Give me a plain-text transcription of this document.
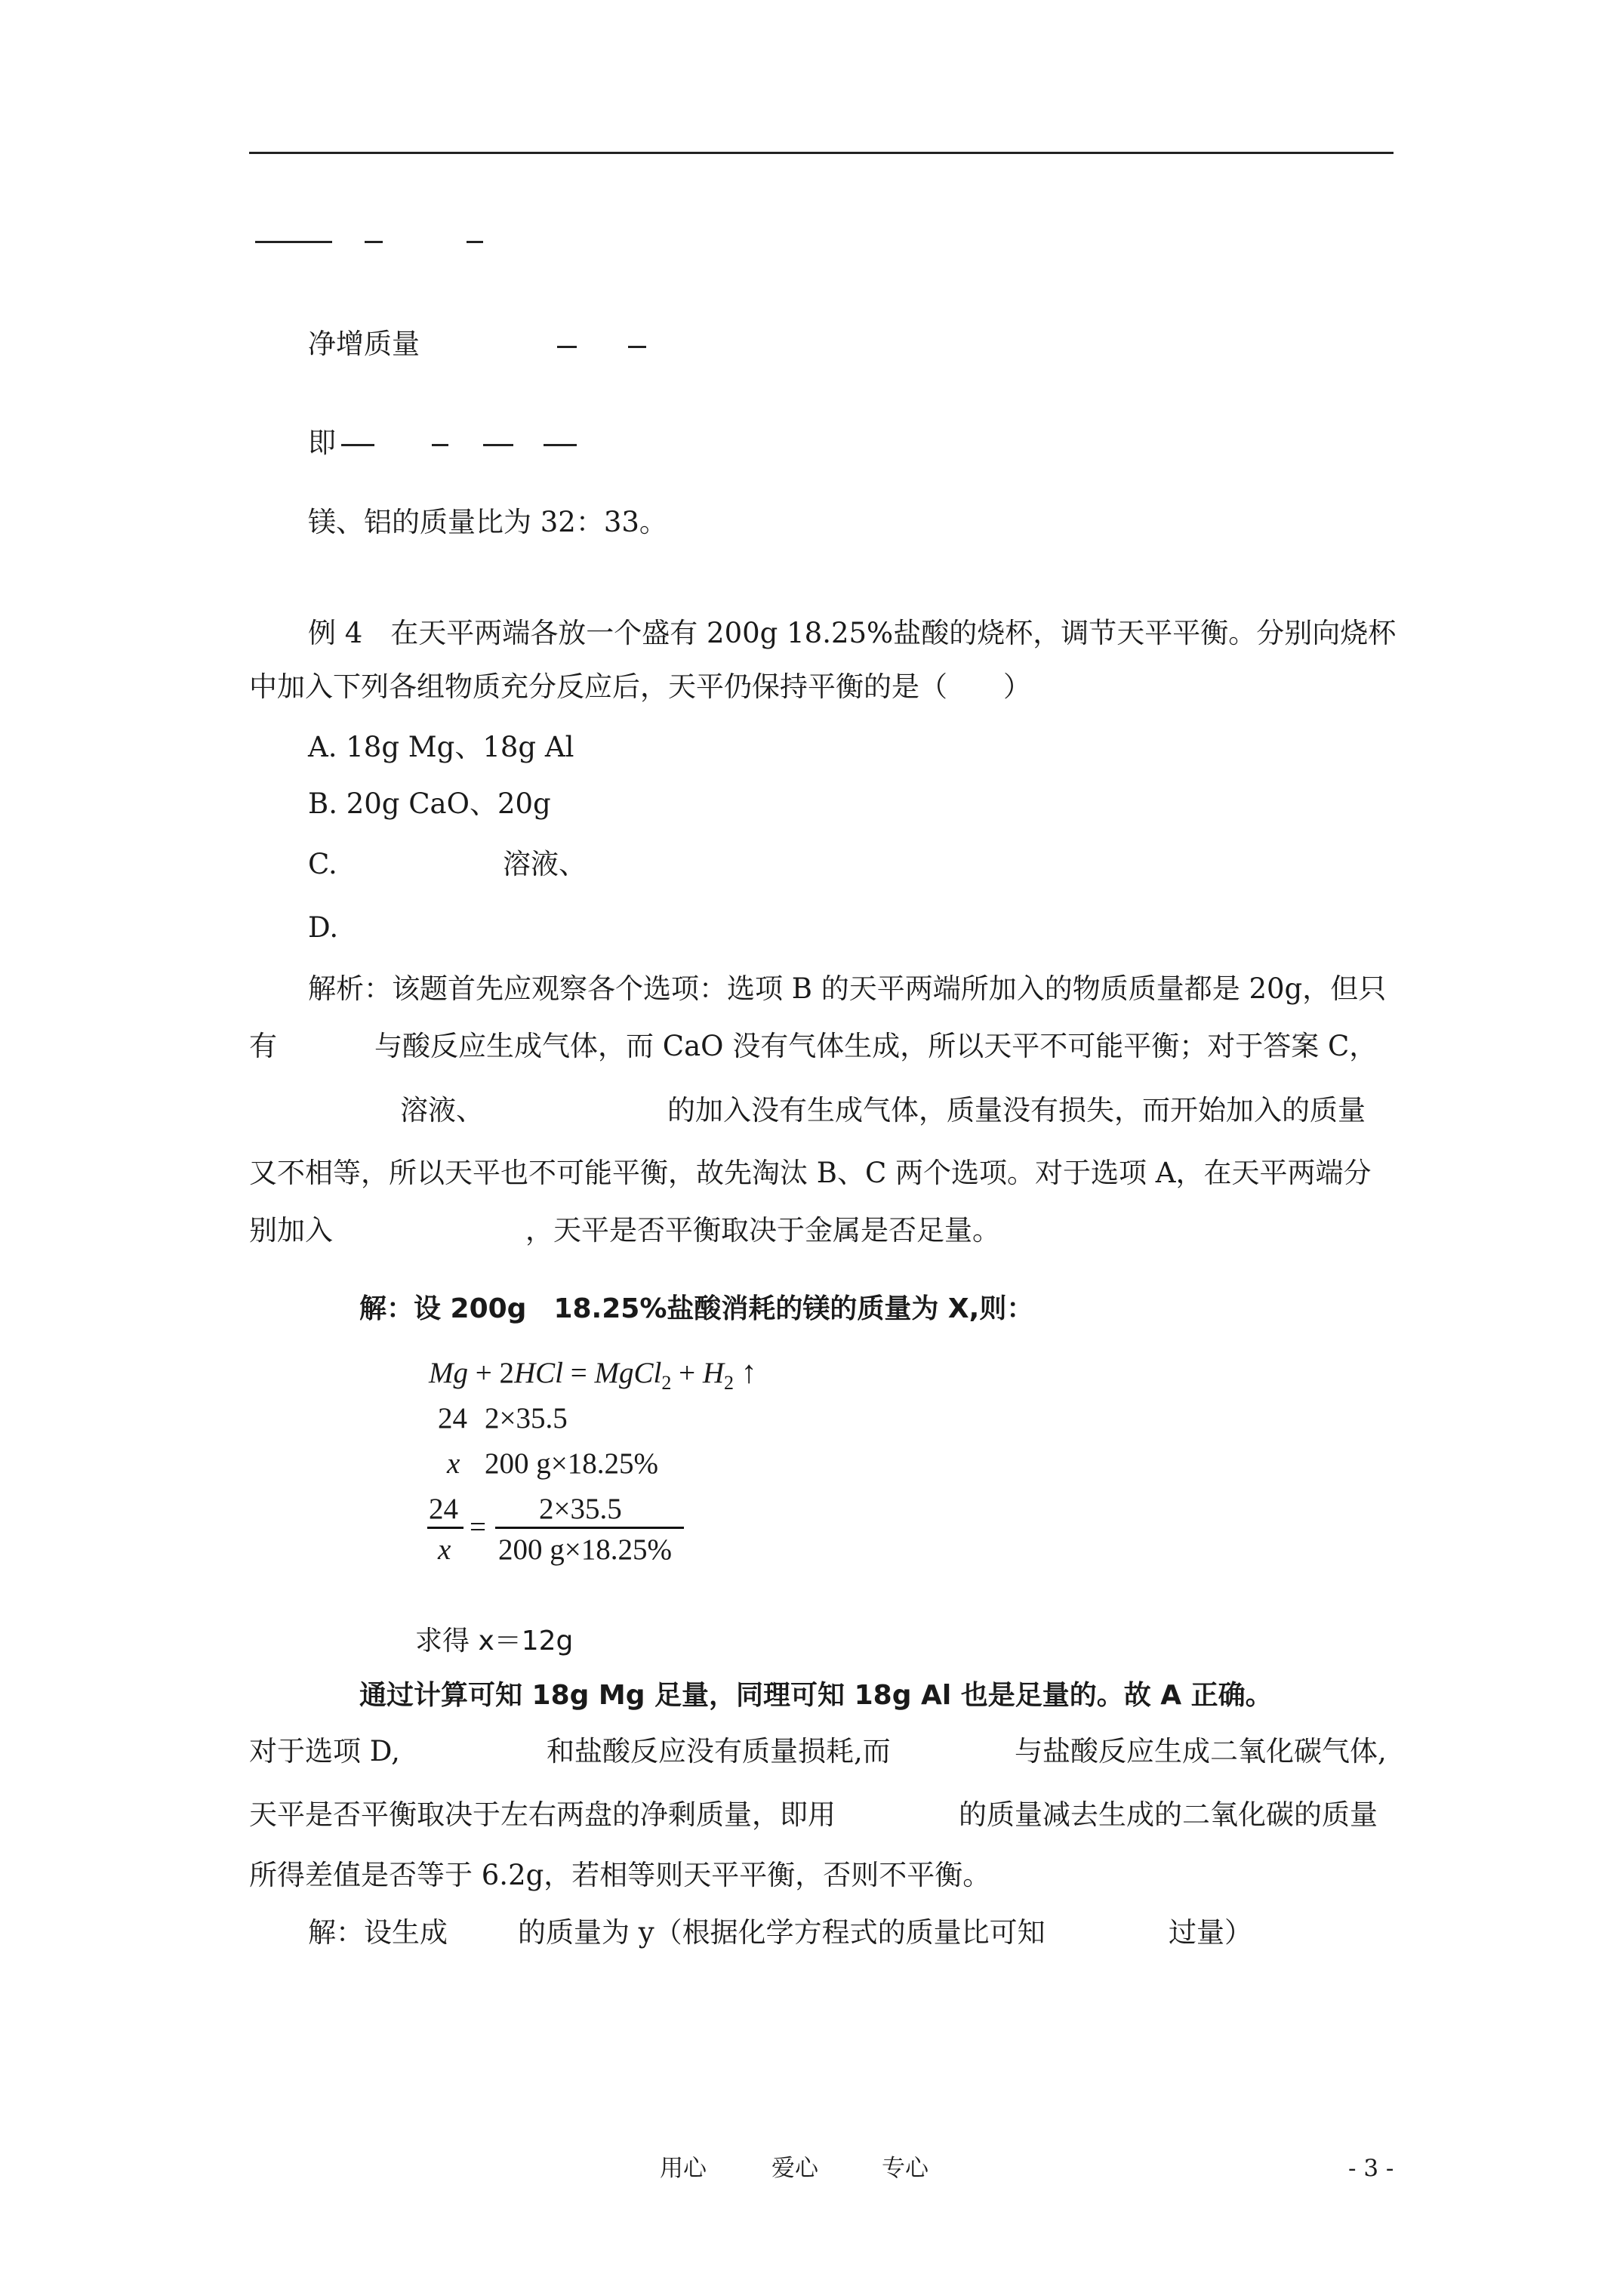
净增质量
即
镁、铝的质量比为 32：33。
例 4　在天平两端各放一个盛有 200g 18.25%盐酸的烧杯，调节天平平衡。分别向烧杯
中加入下列各组物质充分反应后，天平仍保持平衡的是（　　）
A. 18g Mg、18g Al
B. 20g CaO、20g
C.	溶液、
D.
解析：该题首先应观察各个选项：选项 B 的天平两端所加入的物质质量都是 20g，但只
有	与酸反应生成气体，而 CaO 没有气体生成，所以天平不可能平衡；对于答案 C，
溶液、	的加入没有生成气体，质量没有损失，而开始加入的质量
又不相等，所以天平也不可能平衡，故先淘汰 B、C 两个选项。对于选项 A，在天平两端分
别加入	，天平是否平衡取决于金属是否足量。
解：设 200g　18.25%盐酸消耗的镁的质量为 X,则：
Mg + 2HCl = MgCl$_2$ + $H_2$ ↑
24 2×35.5
x 200 g×18.25%
24
x
=
2×35.5
200 g×18.25%
求得 x＝12g
通过计算可知 18g Mg 足量，同理可知 18g Al 也是足量的。故 A 正确。
对于选项 D,	和盐酸反应没有质量损耗,而	与盐酸反应生成二氧化碳气体,
天平是否平衡取决于左右两盘的净剩质量，即用	的质量减去生成的二氧化碳的质量
所得差值是否等于 6.2g，若相等则天平平衡，否则不平衡。
解：设生成	的质量为 y（根据化学方程式的质量比可知	过量）
用心	爱心	专心	- 3 -
